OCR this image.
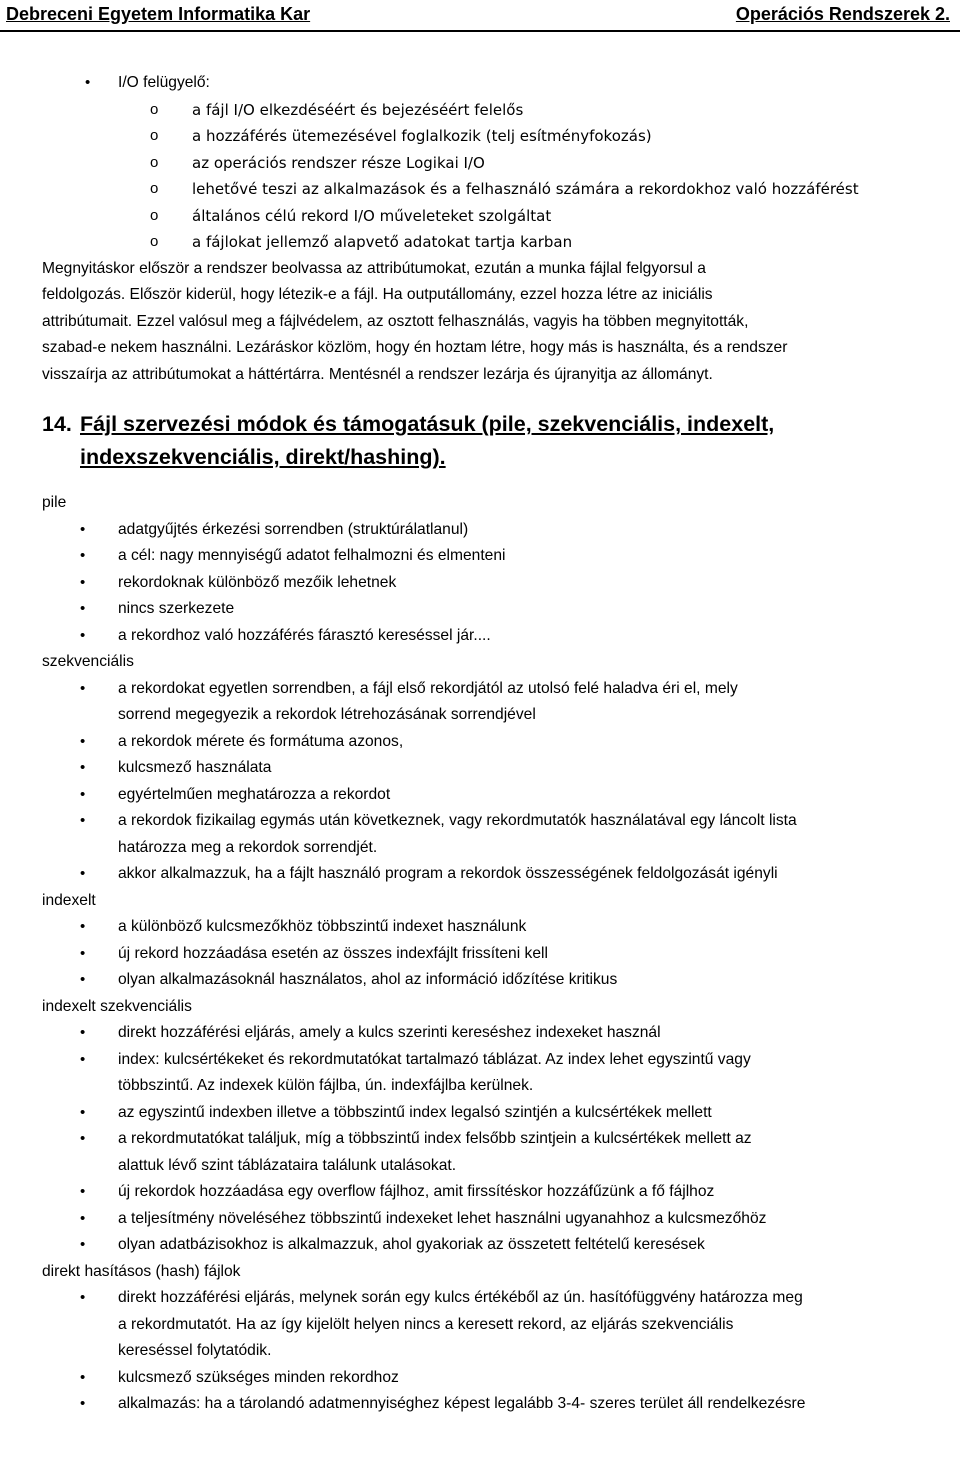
Debreceni Egyetem Informatika Kar	Operációs Rendszerek 2.
• I/O felügyelő:
o a fájl I/O elkezdéséért és bejezéséért felelős
o a hozzáférés ütemezésével foglalkozik (telj esítményfokozás)
o az operációs rendszer része Logikai I/O
o lehetővé teszi az alkalmazások és a felhasználó számára a rekordokhoz való hozzáférést
o általános célú rekord I/O műveleteket szolgáltat
o a fájlokat jellemző alapvető adatokat tartja karban
Megnyitáskor először a rendszer beolvassa az attribútumokat, ezután a munka fájlal felgyorsul a
feldolgozás. Először kiderül, hogy létezik-e a fájl. Ha outputállomány, ezzel hozza létre az iniciális
attribútumait. Ezzel valósul meg a fájlvédelem, az osztott felhasználás, vagyis ha többen megnyitották,
szabad-e nekem használni. Lezáráskor közlöm, hogy én hoztam létre, hogy más is használta, és a rendszer
visszaírja az attribútumokat a háttértárra. Mentésnél a rendszer lezárja és újranyitja az állományt.
14. Fájl szervezési módok és támogatásuk (pile, szekvenciális, indexelt,
indexszekvenciális, direkt/hashing).
pile
• adatgyűjtés érkezési sorrendben (struktúrálatlanul)
• a cél: nagy mennyiségű adatot felhalmozni és elmenteni
• rekordoknak különböző mezőik lehetnek
• nincs szerkezete
• a rekordhoz való hozzáférés fárasztó kereséssel jár....
szekvenciális
• a rekordokat egyetlen sorrendben, a fájl első rekordjától az utolsó felé haladva éri el, mely
sorrend megegyezik a rekordok létrehozásának sorrendjével
• a rekordok mérete és formátuma azonos,
• kulcsmező használata
• egyértelműen meghatározza a rekordot
• a rekordok fizikailag egymás után következnek, vagy rekordmutatók használatával egy láncolt lista
határozza meg a rekordok sorrendjét.
• akkor alkalmazzuk, ha a fájlt használó program a rekordok összességének feldolgozását igényli
indexelt
• a különböző kulcsmezőkhöz többszintű indexet használunk
• új rekord hozzáadása esetén az összes indexfájlt frissíteni kell
• olyan alkalmazásoknál használatos, ahol az információ időzítése kritikus
indexelt szekvenciális
• direkt hozzáférési eljárás, amely a kulcs szerinti kereséshez indexeket használ
• index: kulcsértékeket és rekordmutatókat tartalmazó táblázat. Az index lehet egyszintű vagy
többszintű. Az indexek külön fájlba, ún. indexfájlba kerülnek.
• az egyszintű indexben illetve a többszintű index legalsó szintjén a kulcsértékek mellett
• a rekordmutatókat találjuk, míg a többszintű index felsőbb szintjein a kulcsértékek mellett az
alattuk lévő szint táblázataira találunk utalásokat.
• új rekordok hozzáadása egy overflow fájlhoz, amit firssítéskor hozzáfűzünk a fő fájlhoz
• a teljesítmény növeléséhez többszintű indexeket lehet használni ugyanahhoz a kulcsmezőhöz
• olyan adatbázisokhoz is alkalmazzuk, ahol gyakoriak az összetett feltételű keresések
direkt hasításos (hash) fájlok
• direkt hozzáférési eljárás, melynek során egy kulcs értékéből az ún. hasítófüggvény határozza meg
a rekordmutatót. Ha az így kijelölt helyen nincs a keresett rekord, az eljárás szekvenciális
kereséssel folytatódik.
• kulcsmező szükséges minden rekordhoz
• alkalmazás: ha a tárolandó adatmennyiséghez képest legalább 3-4- szeres terület áll rendelkezésre
